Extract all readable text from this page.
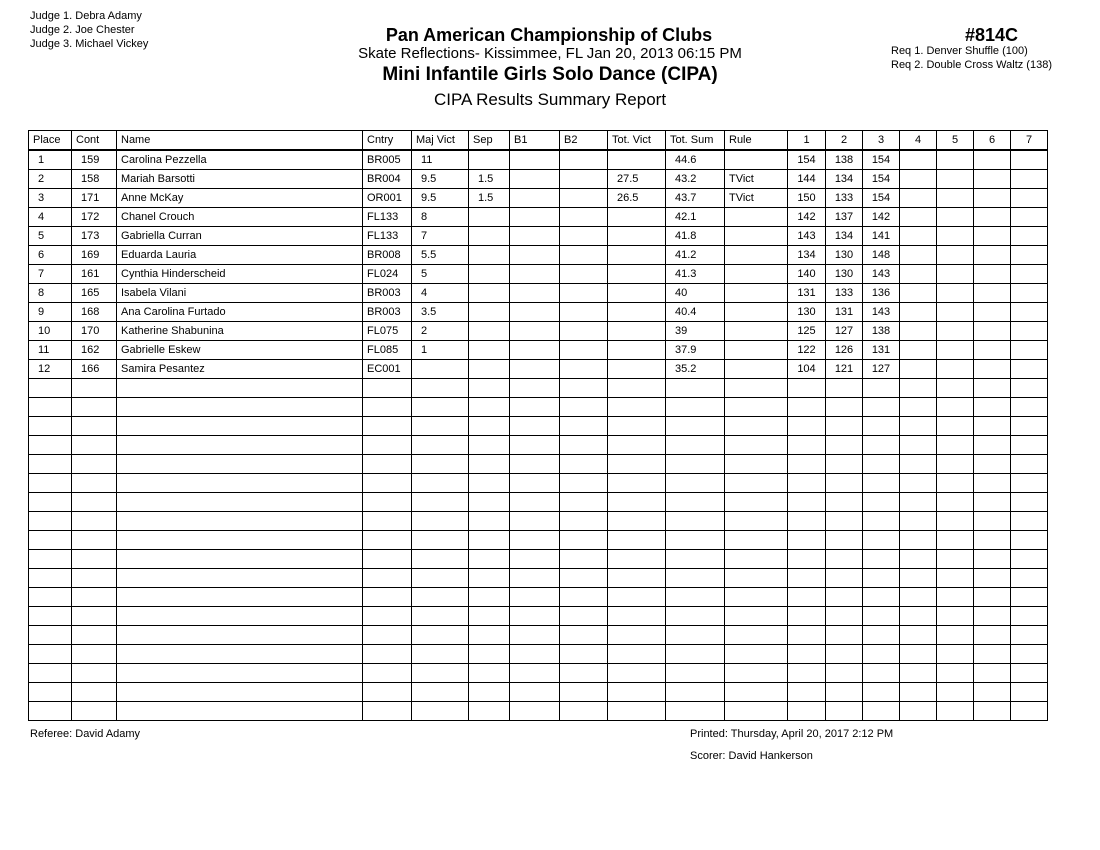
Judge 1. Debra Adamy
Judge 2. Joe Chester
Judge 3. Michael Vickey	Pan American Championship of Clubs
Skate Reflections- Kissimmee, FL Jan 20, 2013 06:15 PM
Mini Infantile Girls Solo Dance (CIPA)
CIPA Results Summary Report
#814C
Req 1. Denver Shuffle (100)
Req 2. Double Cross Waltz (138)
Place	Cont	Name	Cntry	Maj Vict	Sep	B1	B2	Tot. Vict	Tot. Sum	Rule	1	2	3	4	5	6	7
1	159	Carolina Pezzella	BR005	11					44.6		154	138	154				
2	158	Mariah Barsotti	BR004	9.5	1.5			27.5	43.2	TVict	144	134	154				
3	171	Anne McKay	OR001	9.5	1.5			26.5	43.7	TVict	150	133	154				
4	172	Chanel Crouch	FL133	8					42.1		142	137	142				
5	173	Gabriella Curran	FL133	7					41.8		143	134	141				
6	169	Eduarda Lauria	BR008	5.5					41.2		134	130	148				
7	161	Cynthia Hinderscheid	FL024	5					41.3		140	130	143				
8	165	Isabela Vilani	BR003	4					40		131	133	136				
9	168	Ana Carolina Furtado	BR003	3.5					40.4		130	131	143				
10	170	Katherine Shabunina	FL075	2					39		125	127	138				
11	162	Gabrielle Eskew	FL085	1					37.9		122	126	131				
12	166	Samira Pesantez	EC001						35.2		104	121	127				

Referee: David Adamy	Printed: Thursday, April 20, 2017 2:12 PM
Scorer: David Hankerson
